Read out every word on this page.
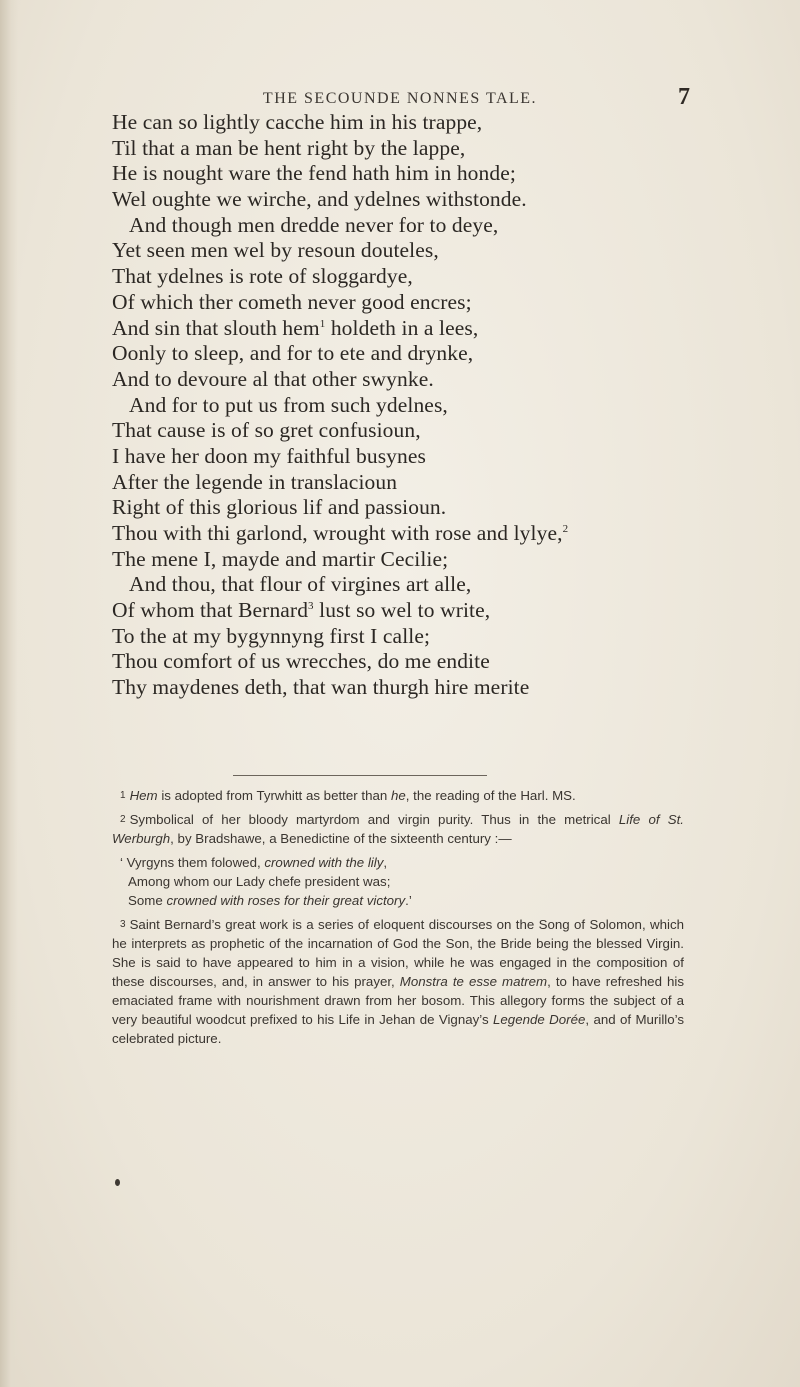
THE SECOUNDE NONNES TALE.	7
He can so lightly cacche him in his trappe,
Til that a man be hent right by the lappe,
He is nought ware the fend hath him in honde;
Wel oughte we wirche, and ydelnes withstonde.
And though men dredde never for to deye,
Yet seen men wel by resoun douteles,
That ydelnes is rote of sloggardye,
Of which ther cometh never good encres;
And sin that slouth hem$^1$ holdeth in a lees,
Oonly to sleep, and for to ete and drynke,
And to devoure al that other swynke.
And for to put us from such ydelnes,
That cause is of so gret confusioun,
I have her doon my faithful busynes
After the legende in translacioun
Right of this glorious lif and passioun.
Thou with thi garlond, wrought with rose and lylye,$^2$
The mene I, mayde and martir Cecilie;
And thou, that flour of virgines art alle,
Of whom that Bernard$^3$ lust so wel to write,
To the at my bygynnyng first I calle;
Thou comfort of us wrecches, do me endite
Thy maydenes deth, that wan thurgh hire merite

1 Hem is adopted from Tyrwhitt as better than he, the reading of the Harl. MS.

2 Symbolical of her bloody martyrdom and virgin purity. Thus in the metrical Life of St. Werburgh, by Bradshawe, a Benedictine of the sixteenth century :—

‘ Vyrgyns them folowed, crowned with the lily,
Among whom our Lady chefe president was;
Some crowned with roses for their great victory.’

3 Saint Bernard’s great work is a series of eloquent discourses on the Song of Solomon, which he interprets as prophetic of the incarnation of God the Son, the Bride being the blessed Virgin. She is said to have appeared to him in a vision, while he was engaged in the composition of these discourses, and, in answer to his prayer, Monstra te esse matrem, to have refreshed his emaciated frame with nourishment drawn from her bosom. This allegory forms the subject of a very beautiful woodcut prefixed to his Life in Jehan de Vignay’s Legende Dorée, and of Murillo’s celebrated picture.
